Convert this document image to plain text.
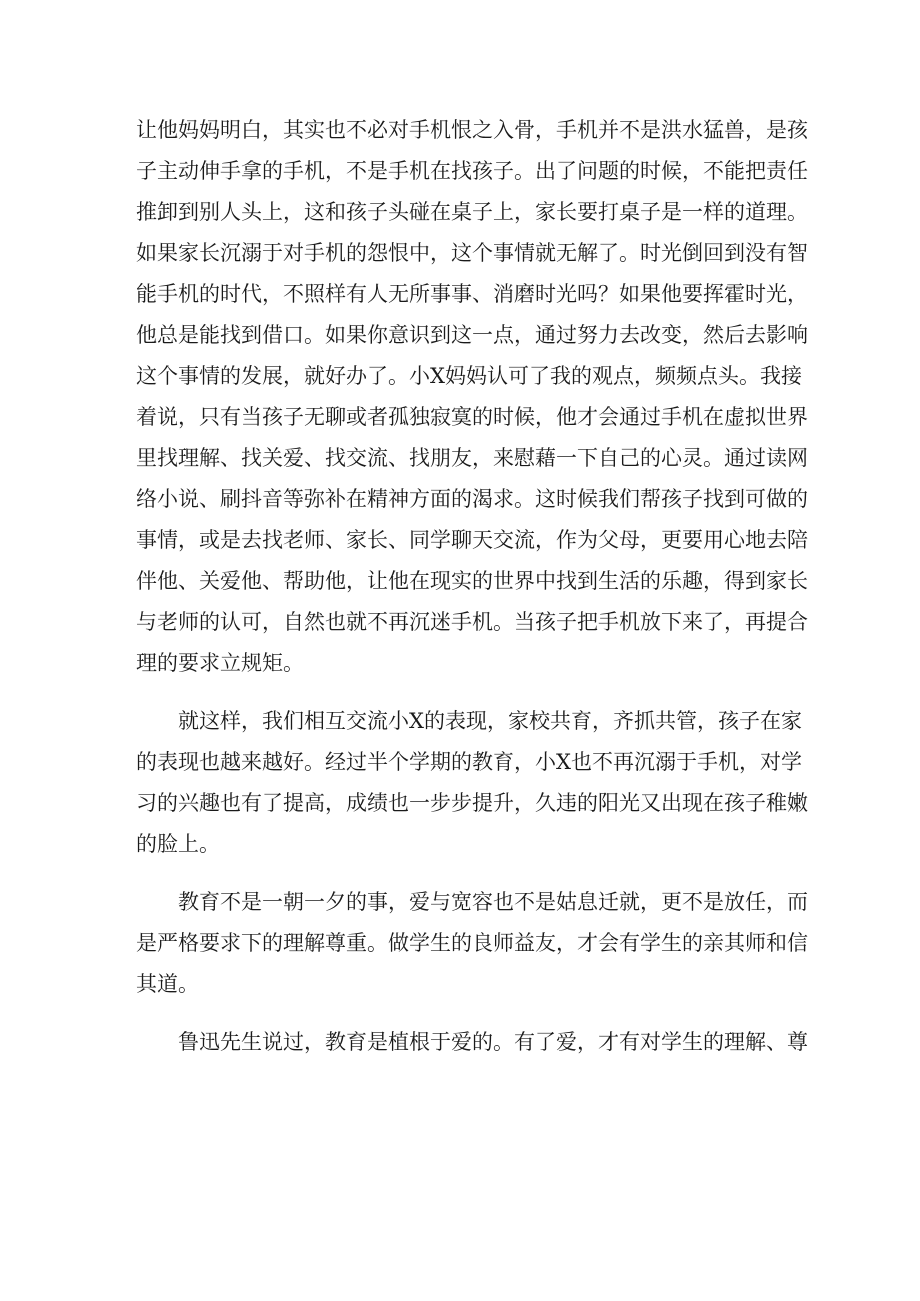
让他妈妈明白，其实也不必对手机恨之入骨，手机并不是洪水猛兽，是孩
子主动伸手拿的手机，不是手机在找孩子。出了问题的时候，不能把责任
推卸到别人头上，这和孩子头碰在桌子上，家长要打桌子是一样的道理。
如果家长沉溺于对手机的怨恨中，这个事情就无解了。时光倒回到没有智
能手机的时代，不照样有人无所事事、消磨时光吗？如果他要挥霍时光，
他总是能找到借口。如果你意识到这一点，通过努力去改变，然后去影响
这个事情的发展，就好办了。小X妈妈认可了我的观点，频频点头。我接
着说，只有当孩子无聊或者孤独寂寞的时候，他才会通过手机在虚拟世界
里找理解、找关爱、找交流、找朋友，来慰藉一下自己的心灵。通过读网
络小说、刷抖音等弥补在精神方面的渴求。这时候我们帮孩子找到可做的
事情，或是去找老师、家长、同学聊天交流，作为父母，更要用心地去陪
伴他、关爱他、帮助他，让他在现实的世界中找到生活的乐趣，得到家长
与老师的认可，自然也就不再沉迷手机。当孩子把手机放下来了，再提合
理的要求立规矩。
就这样，我们相互交流小X的表现，家校共育，齐抓共管，孩子在家
的表现也越来越好。经过半个学期的教育，小X也不再沉溺于手机，对学
习的兴趣也有了提高，成绩也一步步提升，久违的阳光又出现在孩子稚嫩
的脸上。
教育不是一朝一夕的事，爱与宽容也不是姑息迁就，更不是放任，而
是严格要求下的理解尊重。做学生的良师益友，才会有学生的亲其师和信
其道。
鲁迅先生说过，教育是植根于爱的。有了爱，才有对学生的理解、尊
